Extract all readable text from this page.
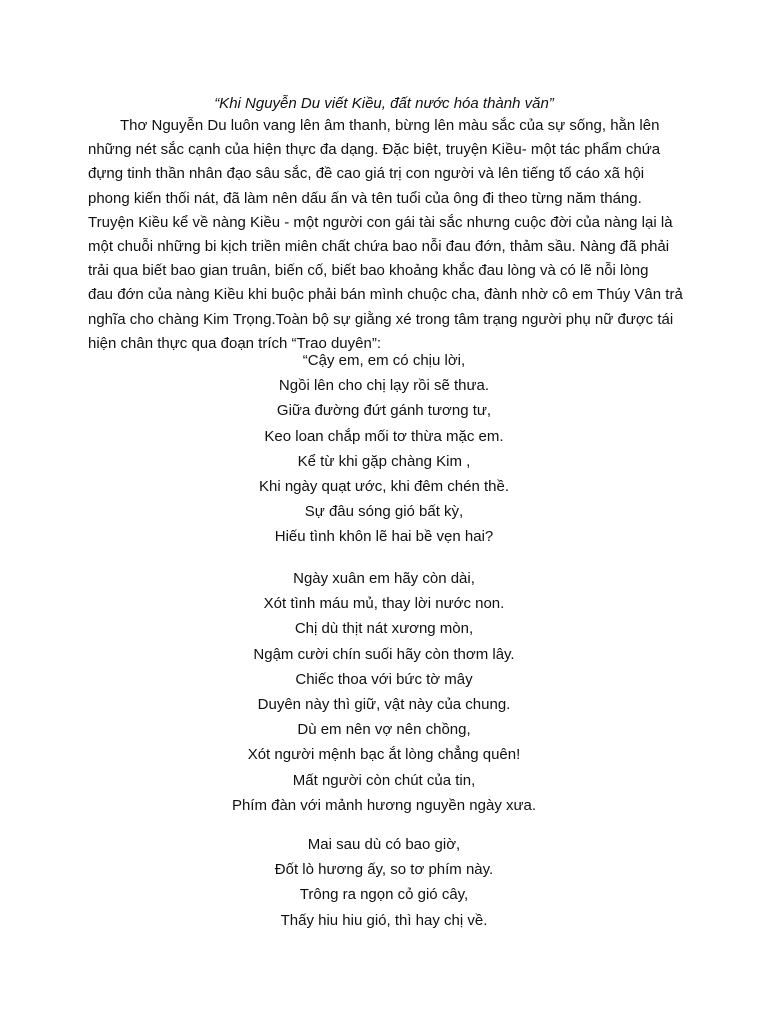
“Khi Nguyễn Du viết Kiều, đất nước hóa thành văn”
Thơ Nguyễn Du luôn vang lên âm thanh, bừng lên màu sắc của sự sống, hằn lên
những nét sắc cạnh của hiện thực đa dạng. Đặc biệt, truyện Kiều- một tác phẩm chứa
đựng tinh thần nhân đạo sâu sắc, đề cao giá trị con người và lên tiếng tố cáo xã hội
phong kiến thối nát, đã làm nên dấu ấn và tên tuổi của ông đi theo từng năm tháng.
Truyện Kiều kể về nàng Kiều - một người con gái tài sắc nhưng cuộc đời của nàng lại là
một chuỗi những bi kịch triền miên chất chứa bao nỗi đau đớn, thảm sầu. Nàng đã phải
trải qua biết bao gian truân, biến cố, biết bao khoảng khắc đau lòng và có lẽ nỗi lòng
đau đớn của nàng Kiều khi buộc phải bán mình chuộc cha, đành nhờ cô em Thúy Vân trả
nghĩa cho chàng Kim Trọng.Toàn bộ sự giằng xé trong tâm trạng người phụ nữ được tái
hiện chân thực qua đoạn trích “Trao duyên”:
“Cậy em, em có chịu lời,
Ngồi lên cho chị lạy rồi sẽ thưa.
Giữa đường đứt gánh tương tư,
Keo loan chắp mối tơ thừa mặc em.
Kể từ khi gặp chàng Kim ,
Khi ngày quạt ước, khi đêm chén thề.
Sự đâu sóng gió bất kỳ,
Hiếu tình khôn lẽ hai bề vẹn hai?
Ngày xuân em hãy còn dài,
Xót tình máu mủ, thay lời nước non.
Chị dù thịt nát xương mòn,
Ngậm cười chín suối hãy còn thơm lây.
Chiếc thoa với bức tờ mây
Duyên này thì giữ, vật này của chung.
Dù em nên vợ nên chồng,
Xót người mệnh bạc ắt lòng chẳng quên!
Mất người còn chút của tin,
Phím đàn với mảnh hương nguyền ngày xưa.
Mai sau dù có bao giờ,
Đốt lò hương ấy, so tơ phím này.
Trông ra ngọn cỏ gió cây,
Thấy hiu hiu gió, thì hay chị về.
